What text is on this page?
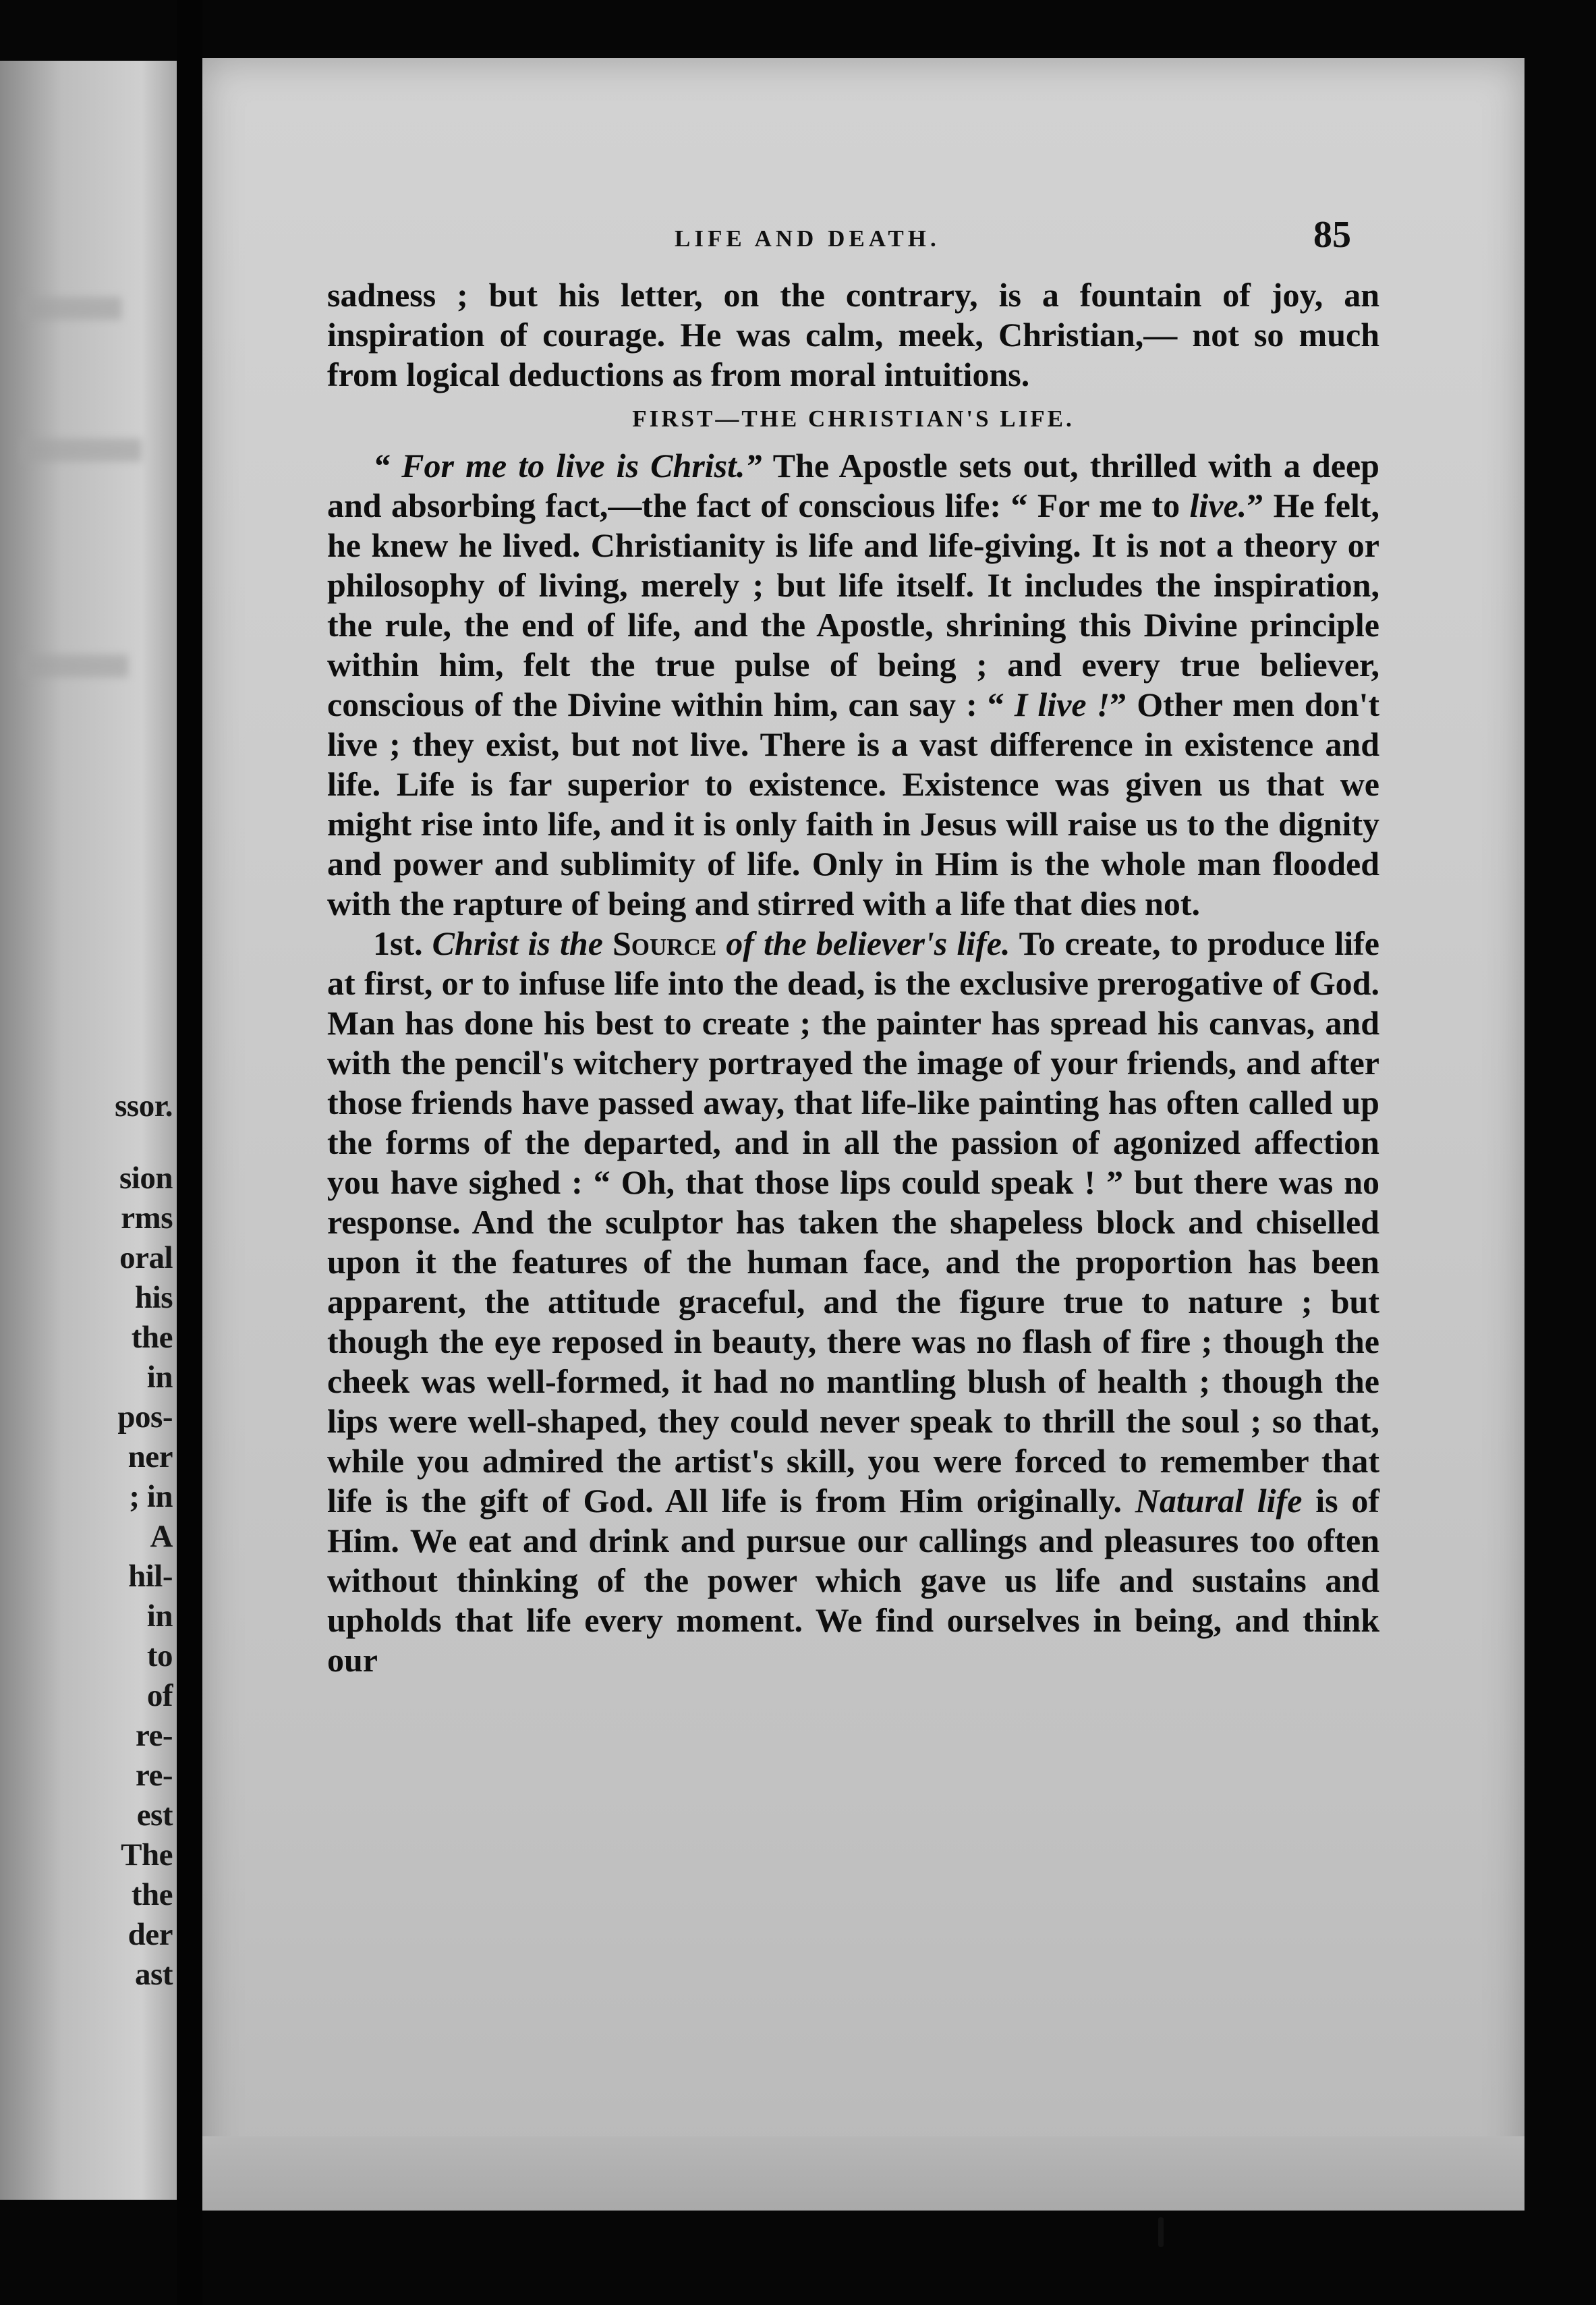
ssor.
sion
rms
oral
his
the
in
pos-
ner
; in
A
hil-
in
to
of
re-
re-
est
The
the
der
ast
LIFE AND DEATH.	85

sadness ; but his letter, on the contrary, is a fountain of joy, an inspiration of courage. He was calm, meek, Christian,— not so much from logical deductions as from moral intuitions.

FIRST—THE CHRISTIAN'S LIFE.

“ For me to live is Christ.” The Apostle sets out, thrilled with a deep and absorbing fact,—the fact of conscious life: “ For me to live.” He felt, he knew he lived. Christianity is life and life-giving. It is not a theory or philosophy of living, merely ; but life itself. It includes the inspiration, the rule, the end of life, and the Apostle, shrining this Divine principle within him, felt the true pulse of being ; and every true believer, conscious of the Divine within him, can say : “ I live !” Other men don't live ; they exist, but not live. There is a vast difference in existence and life. Life is far superior to existence. Existence was given us that we might rise into life, and it is only faith in Jesus will raise us to the dignity and power and sublimity of life. Only in Him is the whole man flooded with the rapture of being and stirred with a life that dies not.

1st. Christ is the Source of the believer's life. To create, to produce life at first, or to infuse life into the dead, is the exclusive prerogative of God. Man has done his best to create ; the painter has spread his canvas, and with the pencil's witchery portrayed the image of your friends, and after those friends have passed away, that life-like painting has often called up the forms of the departed, and in all the passion of agonized affection you have sighed : “ Oh, that those lips could speak ! ” but there was no response. And the sculptor has taken the shapeless block and chiselled upon it the features of the human face, and the proportion has been apparent, the attitude graceful, and the figure true to nature ; but though the eye reposed in beauty, there was no flash of fire ; though the cheek was well-formed, it had no mantling blush of health ; though the lips were well-shaped, they could never speak to thrill the soul ; so that, while you admired the artist's skill, you were forced to remember that life is the gift of God. All life is from Him originally. Natural life is of Him. We eat and drink and pursue our callings and pleasures too often without thinking of the power which gave us life and sustains and upholds that life every moment. We find ourselves in being, and think our
